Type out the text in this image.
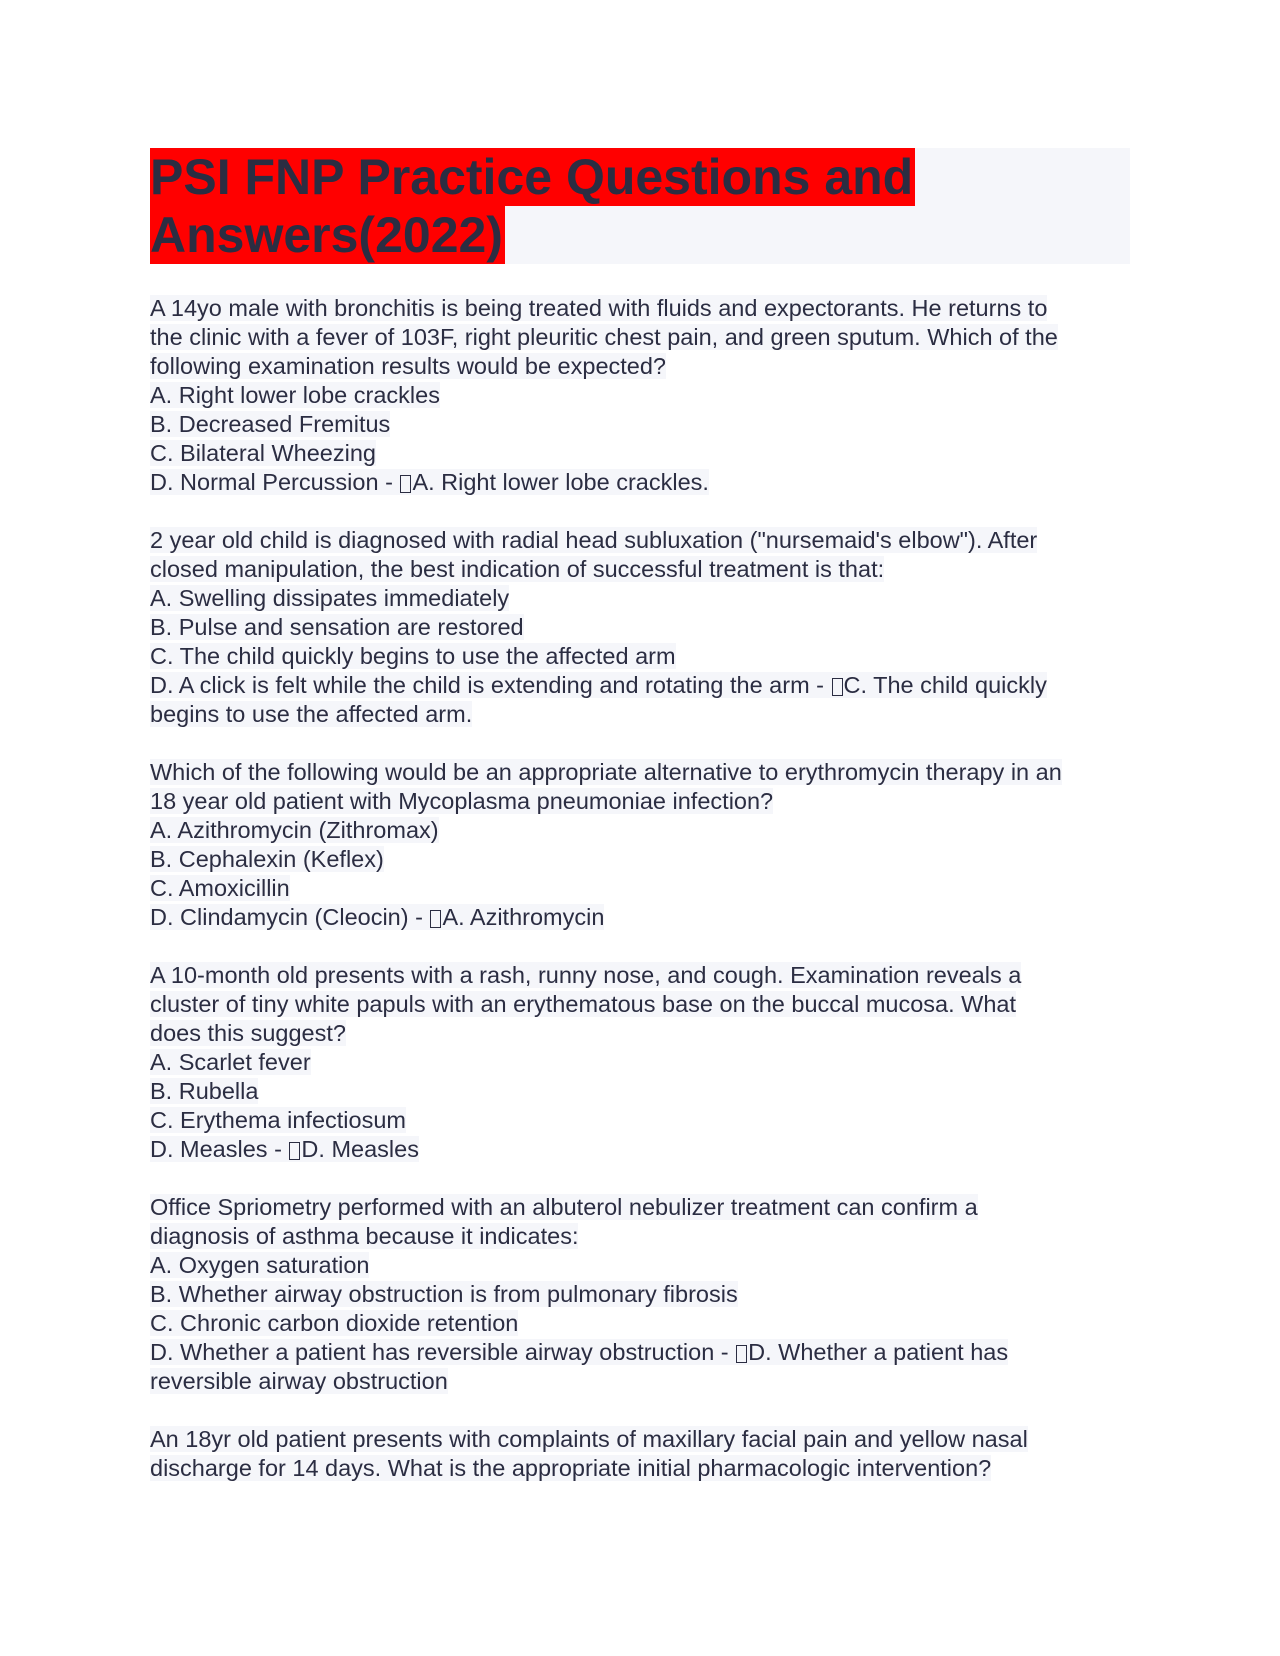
PSI FNP Practice Questions and
Answers(2022)
A 14yo male with bronchitis is being treated with fluids and expectorants. He returns to
the clinic with a fever of 103F, right pleuritic chest pain, and green sputum. Which of the
following examination results would be expected?
A. Right lower lobe crackles
B. Decreased Fremitus
C. Bilateral Wheezing
D. Normal Percussion - A. Right lower lobe crackles.
2 year old child is diagnosed with radial head subluxation ("nursemaid's elbow"). After
closed manipulation, the best indication of successful treatment is that:
A. Swelling dissipates immediately
B. Pulse and sensation are restored
C. The child quickly begins to use the affected arm
D. A click is felt while the child is extending and rotating the arm - C. The child quickly
begins to use the affected arm.
Which of the following would be an appropriate alternative to erythromycin therapy in an
18 year old patient with Mycoplasma pneumoniae infection?
A. Azithromycin (Zithromax)
B. Cephalexin (Keflex)
C. Amoxicillin
D. Clindamycin (Cleocin) - A. Azithromycin
A 10-month old presents with a rash, runny nose, and cough. Examination reveals a
cluster of tiny white papuls with an erythematous base on the buccal mucosa. What
does this suggest?
A. Scarlet fever
B. Rubella
C. Erythema infectiosum
D. Measles - D. Measles
Office Spriometry performed with an albuterol nebulizer treatment can confirm a
diagnosis of asthma because it indicates:
A. Oxygen saturation
B. Whether airway obstruction is from pulmonary fibrosis
C. Chronic carbon dioxide retention
D. Whether a patient has reversible airway obstruction - D. Whether a patient has
reversible airway obstruction
An 18yr old patient presents with complaints of maxillary facial pain and yellow nasal
discharge for 14 days. What is the appropriate initial pharmacologic intervention?
